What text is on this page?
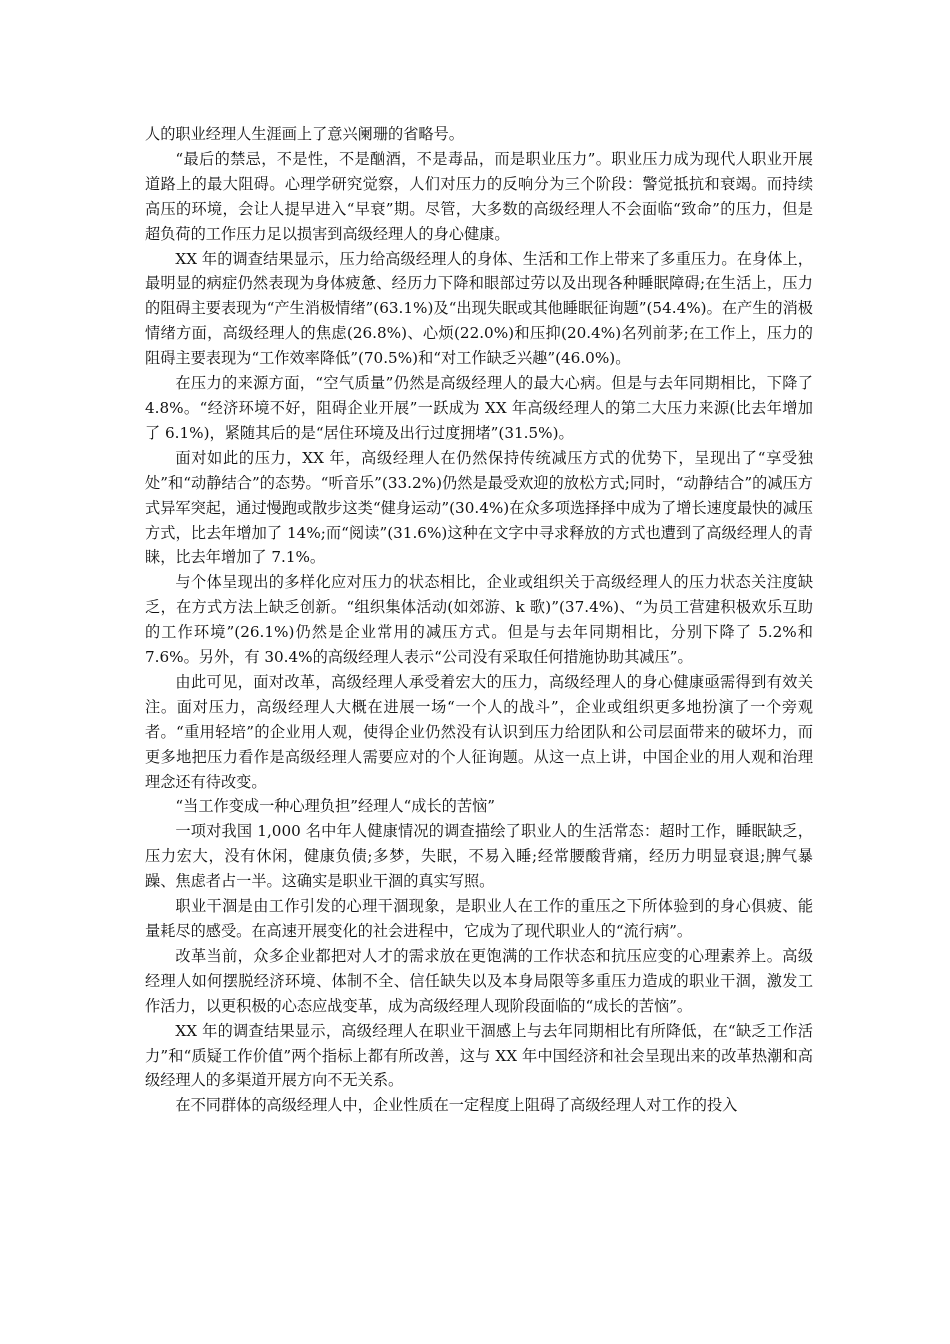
人的职业经理人生涯画上了意兴阑珊的省略号。

“最后的禁忌，不是性，不是酗酒，不是毒品，而是职业压力”。职业压力成为现代人职业开展道路上的最大阻碍。心理学研究觉察，人们对压力的反响分为三个阶段：警觉抵抗和衰竭。而持续高压的环境，会让人提早进入“早衰”期。尽管，大多数的高级经理人不会面临“致命”的压力，但是超负荷的工作压力足以损害到高级经理人的身心健康。

XX 年的调查结果显示，压力给高级经理人的身体、生活和工作上带来了多重压力。在身体上，最明显的病症仍然表现为身体疲惫、经历力下降和眼部过劳以及出现各种睡眠障碍;在生活上，压力的阻碍主要表现为“产生消极情绪”(63.1%)及“出现失眠或其他睡眠征询题”(54.4%)。在产生的消极情绪方面，高级经理人的焦虑(26.8%)、心烦(22.0%)和压抑(20.4%)名列前茅;在工作上，压力的阻碍主要表现为“工作效率降低”(70.5%)和“对工作缺乏兴趣”(46.0%)。

在压力的来源方面，“空气质量”仍然是高级经理人的最大心病。但是与去年同期相比，下降了 4.8%。“经济环境不好，阻碍企业开展”一跃成为 XX 年高级经理人的第二大压力来源(比去年增加了 6.1%)，紧随其后的是“居住环境及出行过度拥堵”(31.5%)。

面对如此的压力，XX 年，高级经理人在仍然保持传统减压方式的优势下，呈现出了“享受独处”和“动静结合”的态势。“听音乐”(33.2%)仍然是最受欢迎的放松方式;同时，“动静结合”的减压方式异军突起，通过慢跑或散步这类“健身运动”(30.4%)在众多项选择择中成为了增长速度最快的减压方式，比去年增加了 14%;而“阅读”(31.6%)这种在文字中寻求释放的方式也遭到了高级经理人的青睐，比去年增加了 7.1%。

与个体呈现出的多样化应对压力的状态相比，企业或组织关于高级经理人的压力状态关注度缺乏，在方式方法上缺乏创新。“组织集体活动(如郊游、k 歌)”(37.4%)、“为员工营建积极欢乐互助的工作环境”(26.1%)仍然是企业常用的减压方式。但是与去年同期相比，分别下降了 5.2%和 7.6%。另外，有 30.4%的高级经理人表示“公司没有采取任何措施协助其减压”。

由此可见，面对改革，高级经理人承受着宏大的压力，高级经理人的身心健康亟需得到有效关注。面对压力，高级经理人大概在进展一场“一个人的战斗”，企业或组织更多地扮演了一个旁观者。“重用轻培”的企业用人观，使得企业仍然没有认识到压力给团队和公司层面带来的破坏力，而更多地把压力看作是高级经理人需要应对的个人征询题。从这一点上讲，中国企业的用人观和治理理念还有待改变。

“当工作变成一种心理负担”经理人“成长的苦恼”

一项对我国 1,000 名中年人健康情况的调查描绘了职业人的生活常态：超时工作，睡眠缺乏，压力宏大，没有休闲，健康负债;多梦，失眠，不易入睡;经常腰酸背痛，经历力明显衰退;脾气暴躁、焦虑者占一半。这确实是职业干涸的真实写照。

职业干涸是由工作引发的心理干涸现象，是职业人在工作的重压之下所体验到的身心俱疲、能量耗尽的感受。在高速开展变化的社会进程中，它成为了现代职业人的“流行病”。

改革当前，众多企业都把对人才的需求放在更饱满的工作状态和抗压应变的心理素养上。高级经理人如何摆脱经济环境、体制不全、信任缺失以及本身局限等多重压力造成的职业干涸，激发工作活力，以更积极的心态应战变革，成为高级经理人现阶段面临的“成长的苦恼”。

XX 年的调查结果显示，高级经理人在职业干涸感上与去年同期相比有所降低，在“缺乏工作活力”和“质疑工作价值”两个指标上都有所改善，这与 XX 年中国经济和社会呈现出来的改革热潮和高级经理人的多渠道开展方向不无关系。

在不同群体的高级经理人中，企业性质在一定程度上阻碍了高级经理人对工作的投入
